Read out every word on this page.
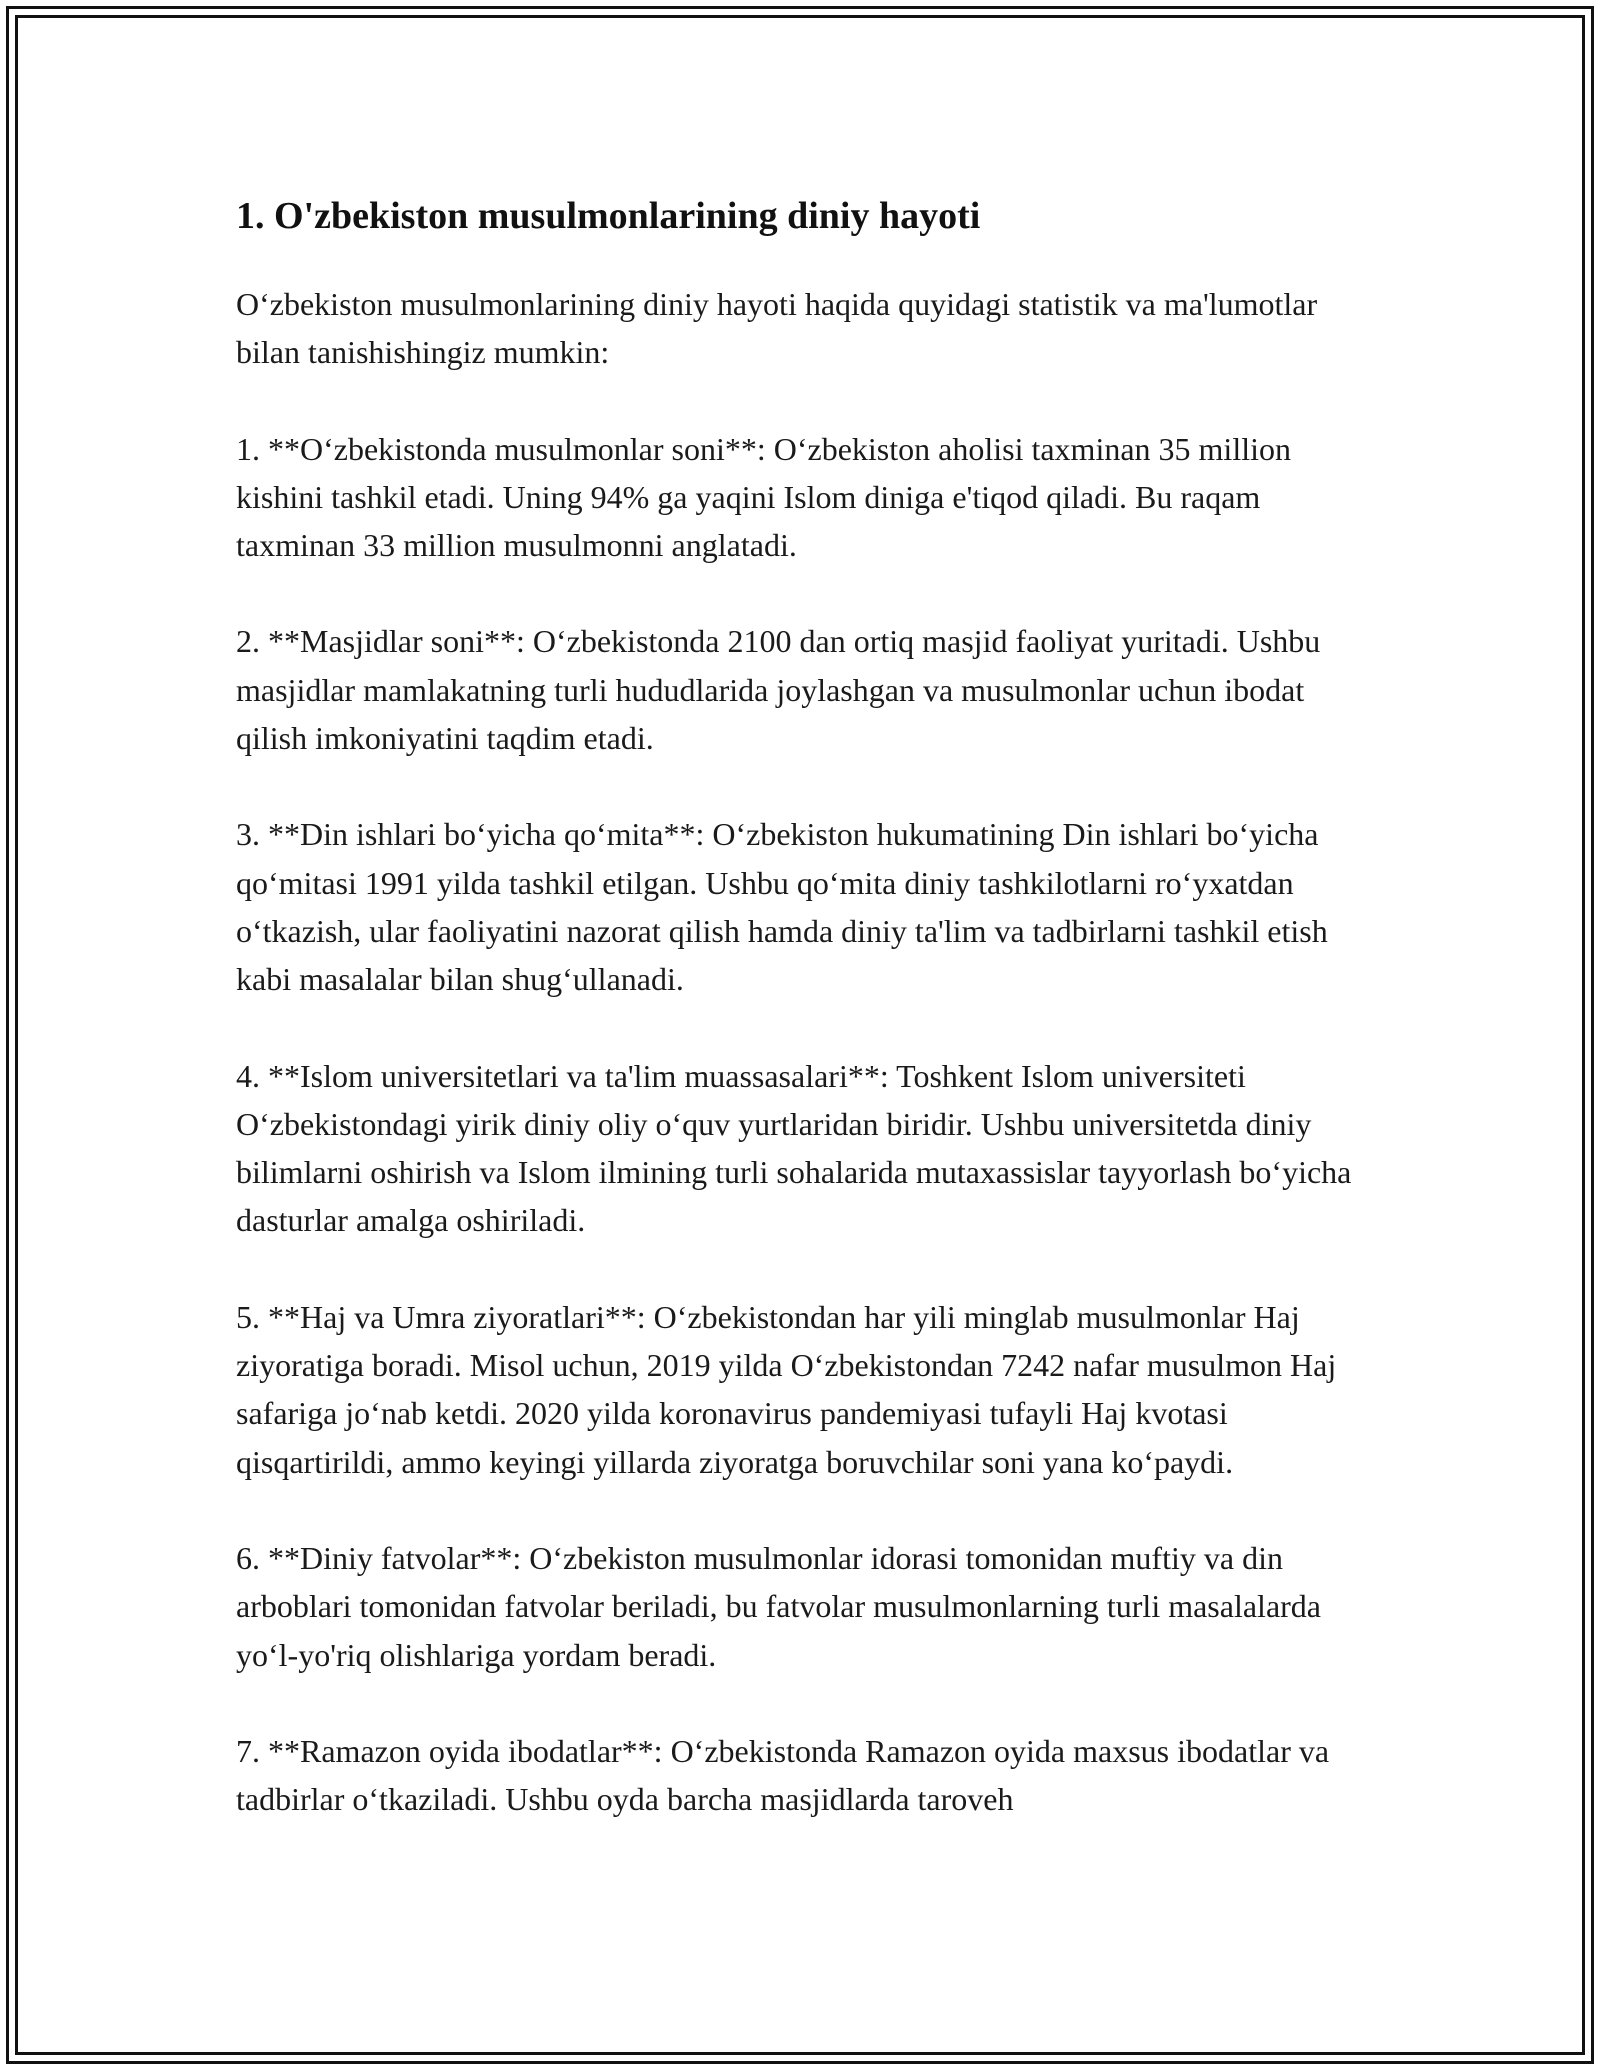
1. O'zbekiston musulmonlarining diniy hayoti

O‘zbekiston musulmonlarining diniy hayoti haqida quyidagi statistik va ma'lumotlar bilan tanishishingiz mumkin:

1. **O‘zbekistonda musulmonlar soni**: O‘zbekiston aholisi taxminan 35 million kishini tashkil etadi. Uning 94% ga yaqini Islom diniga e'tiqod qiladi. Bu raqam taxminan 33 million musulmonni anglatadi.

2. **Masjidlar soni**: O‘zbekistonda 2100 dan ortiq masjid faoliyat yuritadi. Ushbu masjidlar mamlakatning turli hududlarida joylashgan va musulmonlar uchun ibodat qilish imkoniyatini taqdim etadi.

3. **Din ishlari bo‘yicha qo‘mita**: O‘zbekiston hukumatining Din ishlari bo‘yicha qo‘mitasi 1991 yilda tashkil etilgan. Ushbu qo‘mita diniy tashkilotlarni ro‘yxatdan o‘tkazish, ular faoliyatini nazorat qilish hamda diniy ta'lim va tadbirlarni tashkil etish kabi masalalar bilan shug‘ullanadi.

4. **Islom universitetlari va ta'lim muassasalari**: Toshkent Islom universiteti O‘zbekistondagi yirik diniy oliy o‘quv yurtlaridan biridir. Ushbu universitetda diniy bilimlarni oshirish va Islom ilmining turli sohalarida mutaxassislar tayyorlash bo‘yicha dasturlar amalga oshiriladi.

5. **Haj va Umra ziyoratlari**: O‘zbekistondan har yili minglab musulmonlar Haj ziyoratiga boradi. Misol uchun, 2019 yilda O‘zbekistondan 7242 nafar musulmon Haj safariga jo‘nab ketdi. 2020 yilda koronavirus pandemiyasi tufayli Haj kvotasi qisqartirildi, ammo keyingi yillarda ziyoratga boruvchilar soni yana ko‘paydi.

6. **Diniy fatvolar**: O‘zbekiston musulmonlar idorasi tomonidan muftiy va din arboblari tomonidan fatvolar beriladi, bu fatvolar musulmonlarning turli masalalarda yo‘l-yo'riq olishlariga yordam beradi.

7. **Ramazon oyida ibodatlar**: O‘zbekistonda Ramazon oyida maxsus ibodatlar va tadbirlar o‘tkaziladi. Ushbu oyda barcha masjidlarda taroveh
